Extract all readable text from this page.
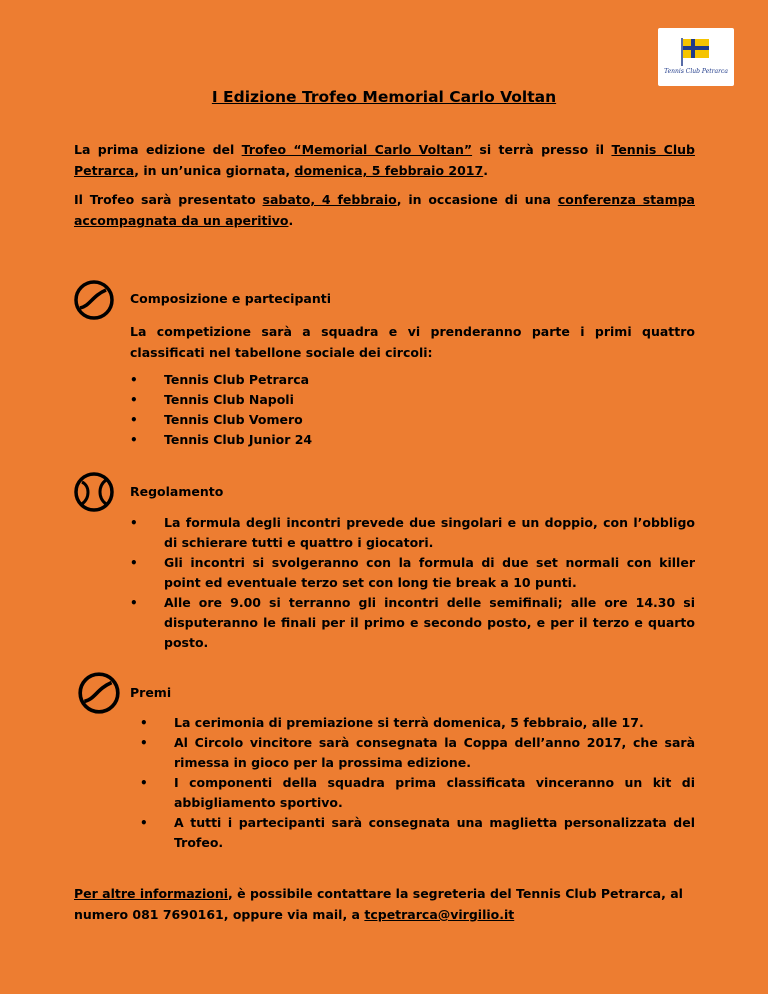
Tennis Club Petrarca
I Edizione Trofeo Memorial Carlo Voltan

La prima edizione del Trofeo “Memorial Carlo Voltan” si terrà presso il Tennis Club Petrarca, in un’unica giornata, domenica, 5 febbraio 2017.

Il Trofeo sarà presentato sabato, 4 febbraio, in occasione di una conferenza stampa accompagnata da un aperitivo.

Composizione e partecipanti

La competizione sarà a squadra e vi prenderanno parte i primi quattro classificati nel tabellone sociale dei circoli:

• Tennis Club Petrarca
• Tennis Club Napoli
• Tennis Club Vomero
• Tennis Club Junior 24
Regolamento
• La formula degli incontri prevede due singolari e un doppio, con l’obbligo di schierare tutti e quattro i giocatori.
• Gli incontri si svolgeranno con la formula di due set normali con killer point ed eventuale terzo set con long tie break a 10 punti.
• Alle ore 9.00 si terranno gli incontri delle semifinali; alle ore 14.30 si disputeranno le finali per il primo e secondo posto, e per il terzo e quarto posto.
Premi
• La cerimonia di premiazione si terrà domenica, 5 febbraio, alle 17.
• Al Circolo vincitore sarà consegnata la Coppa dell’anno 2017, che sarà rimessa in gioco per la prossima edizione.
• I componenti della squadra prima classificata vinceranno un kit di abbigliamento sportivo.
• A tutti i partecipanti sarà consegnata una maglietta personalizzata del Trofeo.

Per altre informazioni, è possibile contattare la segreteria del Tennis Club Petrarca, al numero 081 7690161, oppure via mail, a tcpetrarca@virgilio.it
